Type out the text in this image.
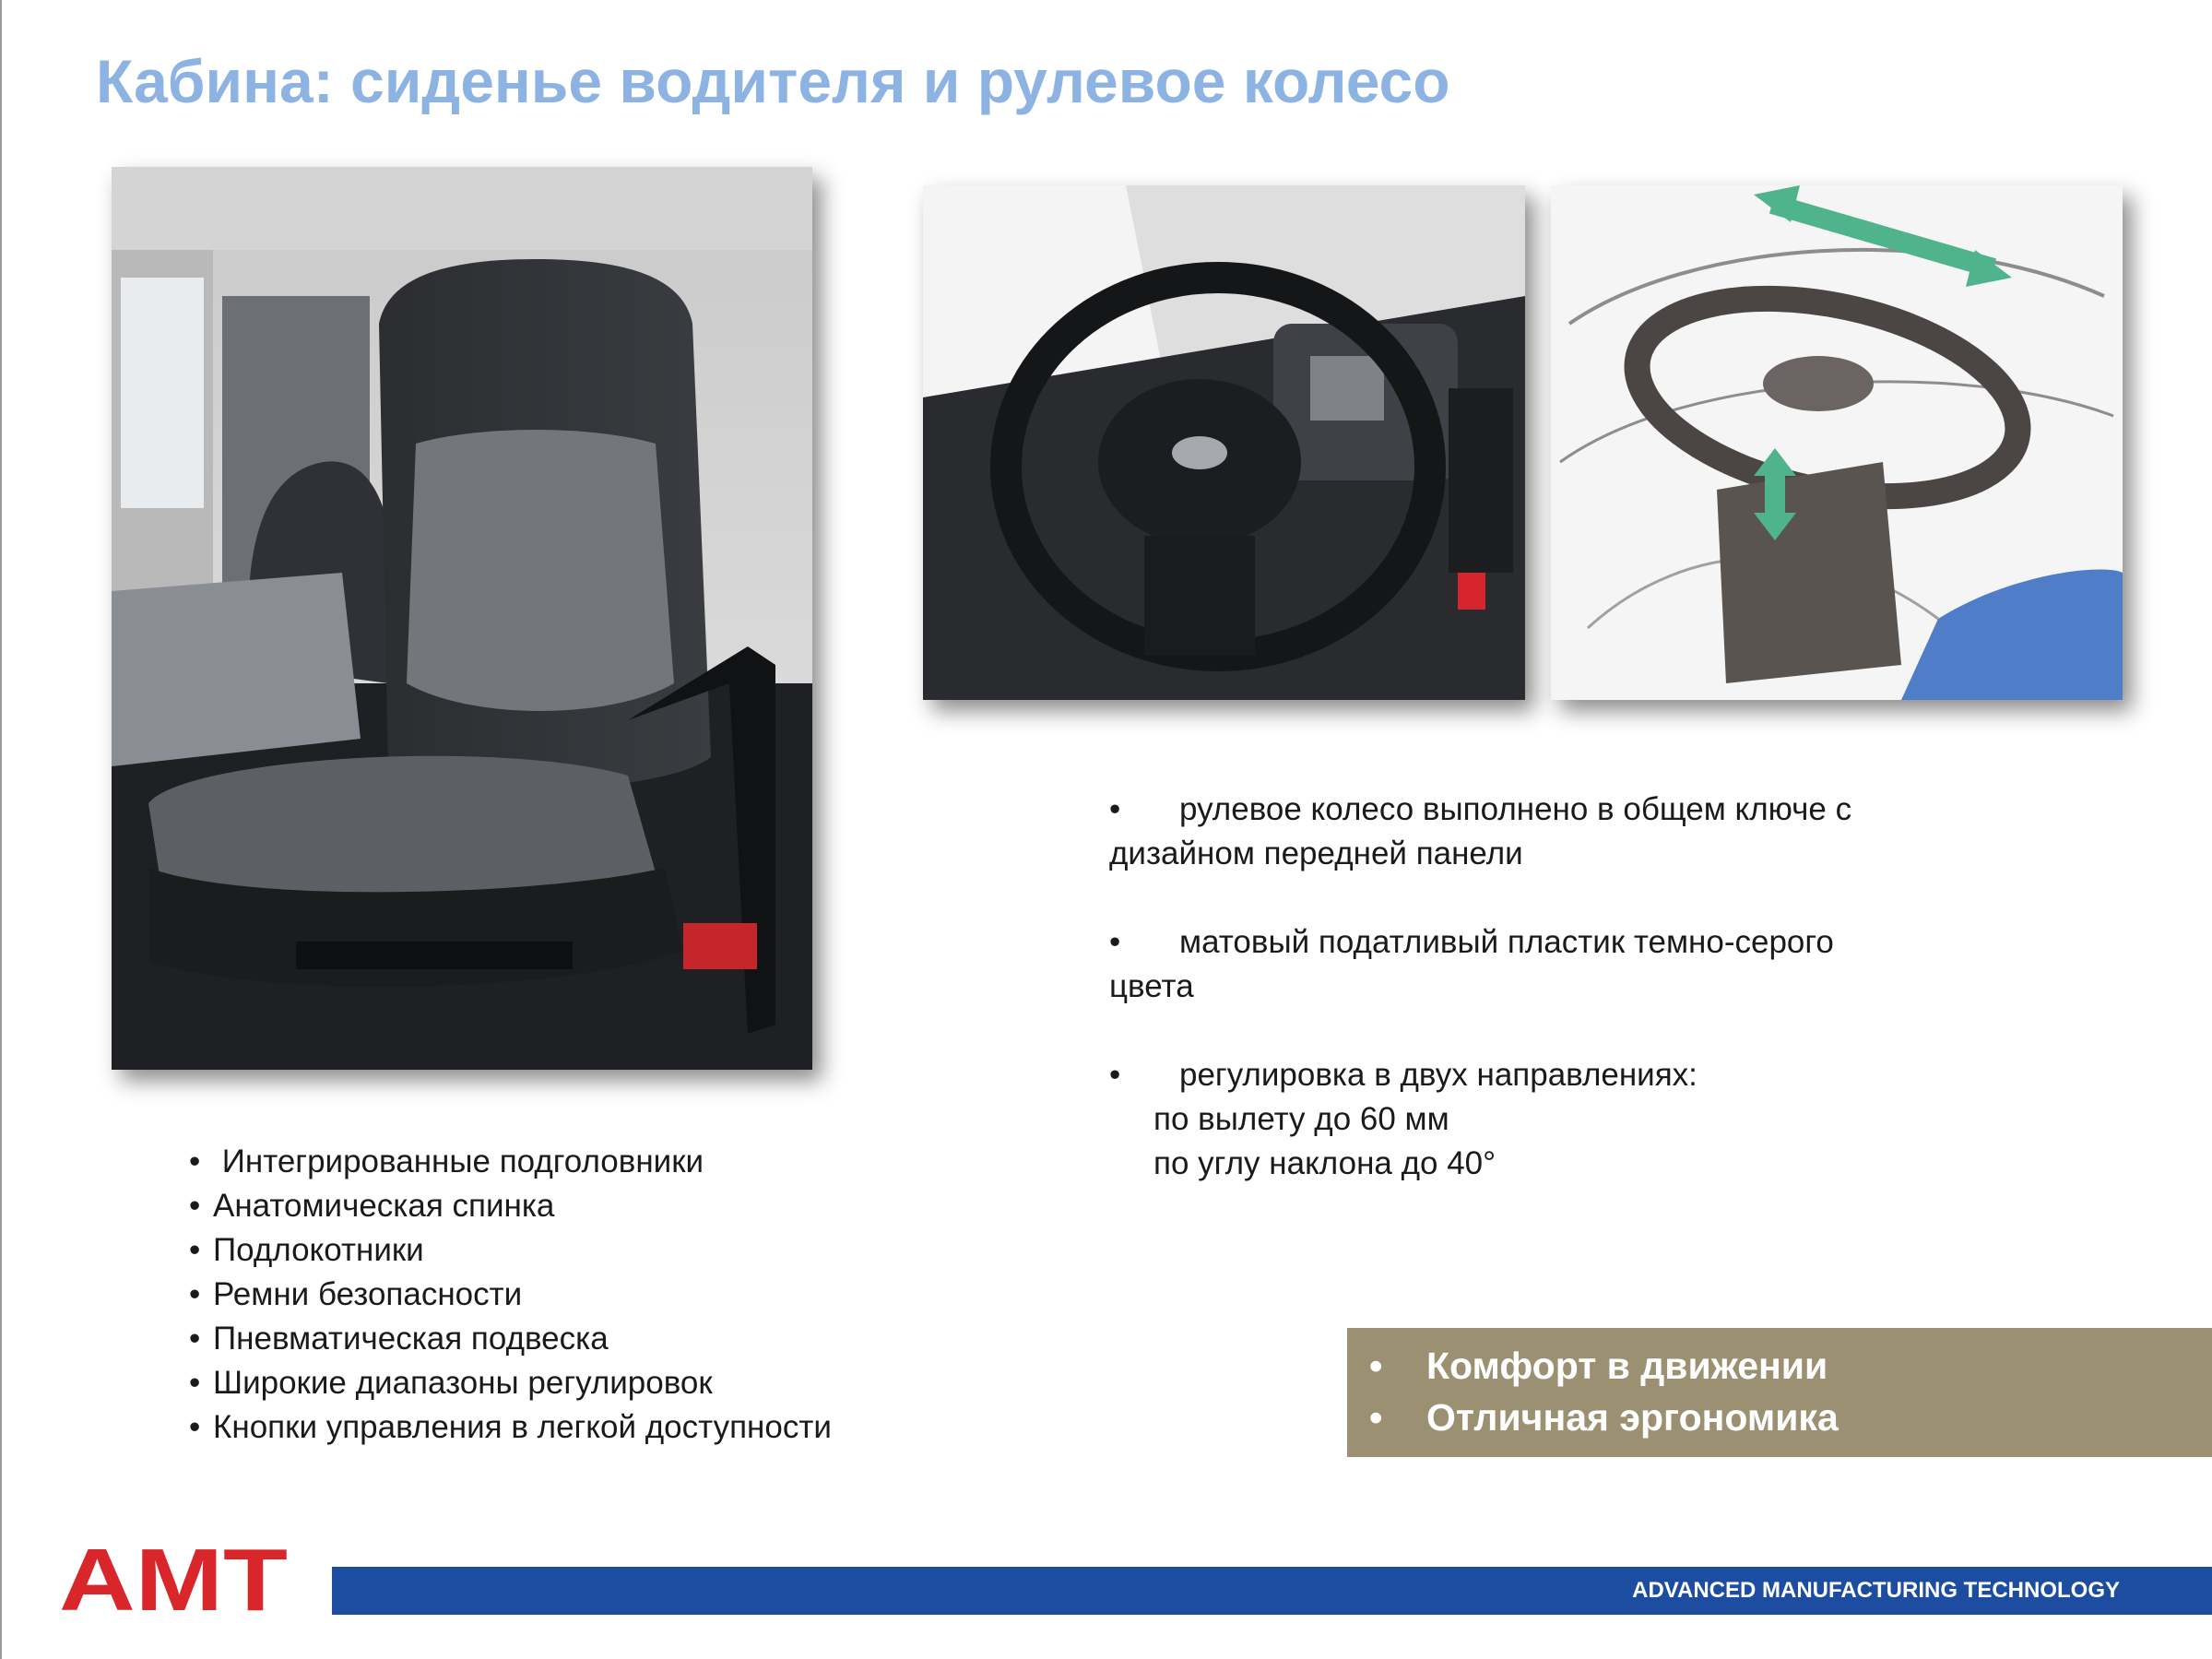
Кабина: сиденье водителя и рулевое колесо
• Интегрированные подголовники
• Анатомическая спинка
• Подлокотники
• Ремни безопасности
• Пневматическая подвеска
• Широкие диапазоны регулировок
• Кнопки управления в легкой доступности
• рулевое колесо выполнено в общем ключе с
дизайном передней панели
• матовый податливый пластик темно-серого
цвета
• регулировка в двух направлениях:
по вылету до 60 мм
по углу наклона до 40°
• Комфорт в движении
• Отличная эргономика
AMT	ADVANCED MANUFACTURING TECHNOLOGY
